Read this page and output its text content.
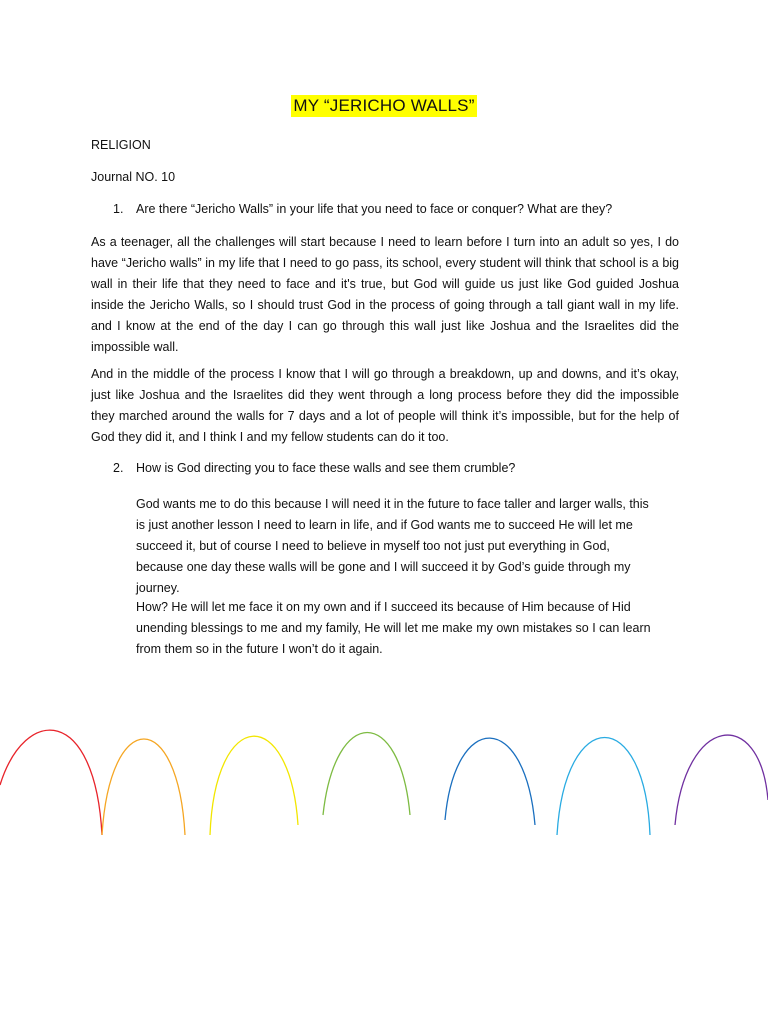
MY “JERICHO WALLS”
RELIGION
Journal NO. 10
1. Are there “Jericho Walls” in your life that you need to face or conquer? What are they?

As a teenager, all the challenges will start because I need to learn before I turn into an adult so yes, I do have “Jericho walls” in my life that I need to go pass, its school, every student will think that school is a big wall in their life that they need to face and it's true, but God will guide us just like God guided Joshua inside the Jericho Walls, so I should trust God in the process of going through a tall giant wall in my life. and I know at the end of the day I can go through this wall just like Joshua and the Israelites did the impossible wall.

And in the middle of the process I know that I will go through a breakdown, up and downs, and it’s okay, just like Joshua and the Israelites did they went through a long process before they did the impossible they marched around the walls for 7 days and a lot of people will think it’s impossible, but for the help of God they did it, and I think I and my fellow students can do it too.

2. How is God directing you to face these walls and see them crumble?

God wants me to do this because I will need it in the future to face taller and larger walls, this is just another lesson I need to learn in life, and if God wants me to succeed He will let me succeed it, but of course I need to believe in myself too not just put everything in God, because one day these walls will be gone and I will succeed it by God’s guide through my journey.

How? He will let me face it on my own and if I succeed its because of Him because of Hid unending blessings to me and my family, He will let me make my own mistakes so I can learn from them so in the future I won’t do it again.
